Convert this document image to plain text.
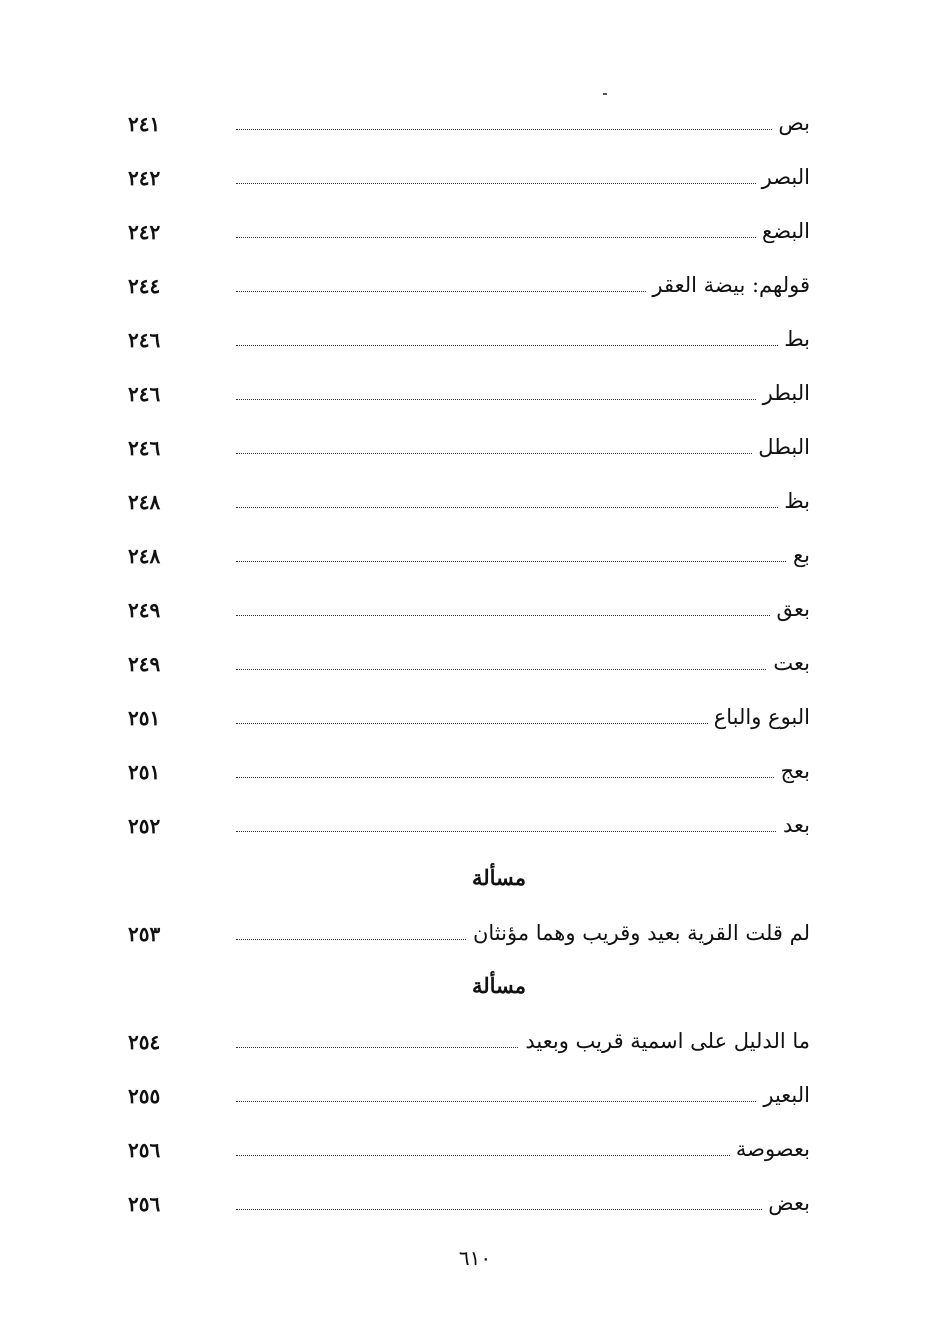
بص
٢٤١
البصر
٢٤٢
البضع
٢٤٢
قولهم: بيضة العقر
٢٤٤
بط
٢٤٦
البطر
٢٤٦
البطل
٢٤٦
بظ
٢٤٨
بع
٢٤٨
بعق
٢٤٩
بعت
٢٤٩
البوع والباع
٢٥١
بعج
٢٥١
بعد
٢٥٢
مسألة
لم قلت القرية بعيد وقريب وهما مؤنثان
٢٥٣
مسألة
ما الدليل على اسمية قريب وبعيد
٢٥٤
البعير
٢٥٥
بعصوصة
٢٥٦
بعض
٢٥٦
٦١٠
